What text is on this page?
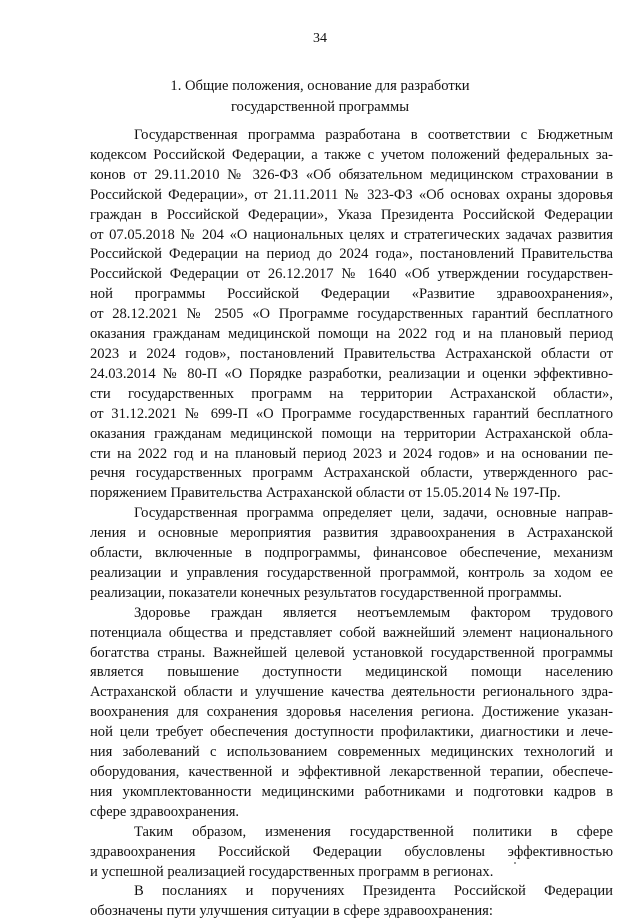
34
1. Общие положения, основание для разработки
государственной программы

Государственная программа разработана в соответствии с Бюджетным
кодексом Российской Федерации, а также с учетом положений федеральных за-
конов от 29.11.2010 № 326-ФЗ «Об обязательном медицинском страховании в
Российской Федерации», от 21.11.2011 № 323-ФЗ «Об основах охраны здоровья
граждан в Российской Федерации», Указа Президента Российской Федерации
от 07.05.2018 № 204 «О национальных целях и стратегических задачах развития
Российской Федерации на период до 2024 года», постановлений Правительства
Российской Федерации от 26.12.2017 № 1640 «Об утверждении государствен-
ной программы Российской Федерации «Развитие здравоохранения»,
от 28.12.2021 № 2505 «О Программе государственных гарантий бесплатного
оказания гражданам медицинской помощи на 2022 год и на плановый период
2023 и 2024 годов», постановлений Правительства Астраханской области от
24.03.2014 № 80-П «О Порядке разработки, реализации и оценки эффективно-
сти государственных программ на территории Астраханской области»,
от 31.12.2021 № 699-П «О Программе государственных гарантий бесплатного
оказания гражданам медицинской помощи на территории Астраханской обла-
сти на 2022 год и на плановый период 2023 и 2024 годов» и на основании пе-
речня государственных программ Астраханской области, утвержденного рас-
поряжением Правительства Астраханской области от 15.05.2014 № 197-Пр.

Государственная программа определяет цели, задачи, основные направ-
ления и основные мероприятия развития здравоохранения в Астраханской
области, включенные в подпрограммы, финансовое обеспечение, механизм
реализации и управления государственной программой, контроль за ходом ее
реализации, показатели конечных результатов государственной программы.

Здоровье граждан является неотъемлемым фактором трудового
потенциала общества и представляет собой важнейший элемент национального
богатства страны. Важнейшей целевой установкой государственной программы
является повышение доступности медицинской помощи населению
Астраханской области и улучшение качества деятельности регионального здра-
воохранения для сохранения здоровья населения региона. Достижение указан-
ной цели требует обеспечения доступности профилактики, диагностики и лече-
ния заболеваний с использованием современных медицинских технологий и
оборудования, качественной и эффективной лекарственной терапии, обеспече-
ния укомплектованности медицинскими работниками и подготовки кадров в
сфере здравоохранения.

Таким образом, изменения государственной политики в сфере
здравоохранения Российской Федерации обусловлены эффективностью
и успешной реализацией государственных программ в регионах.

В посланиях и поручениях Президента Российской Федерации
обозначены пути улучшения ситуации в сфере здравоохранения:
